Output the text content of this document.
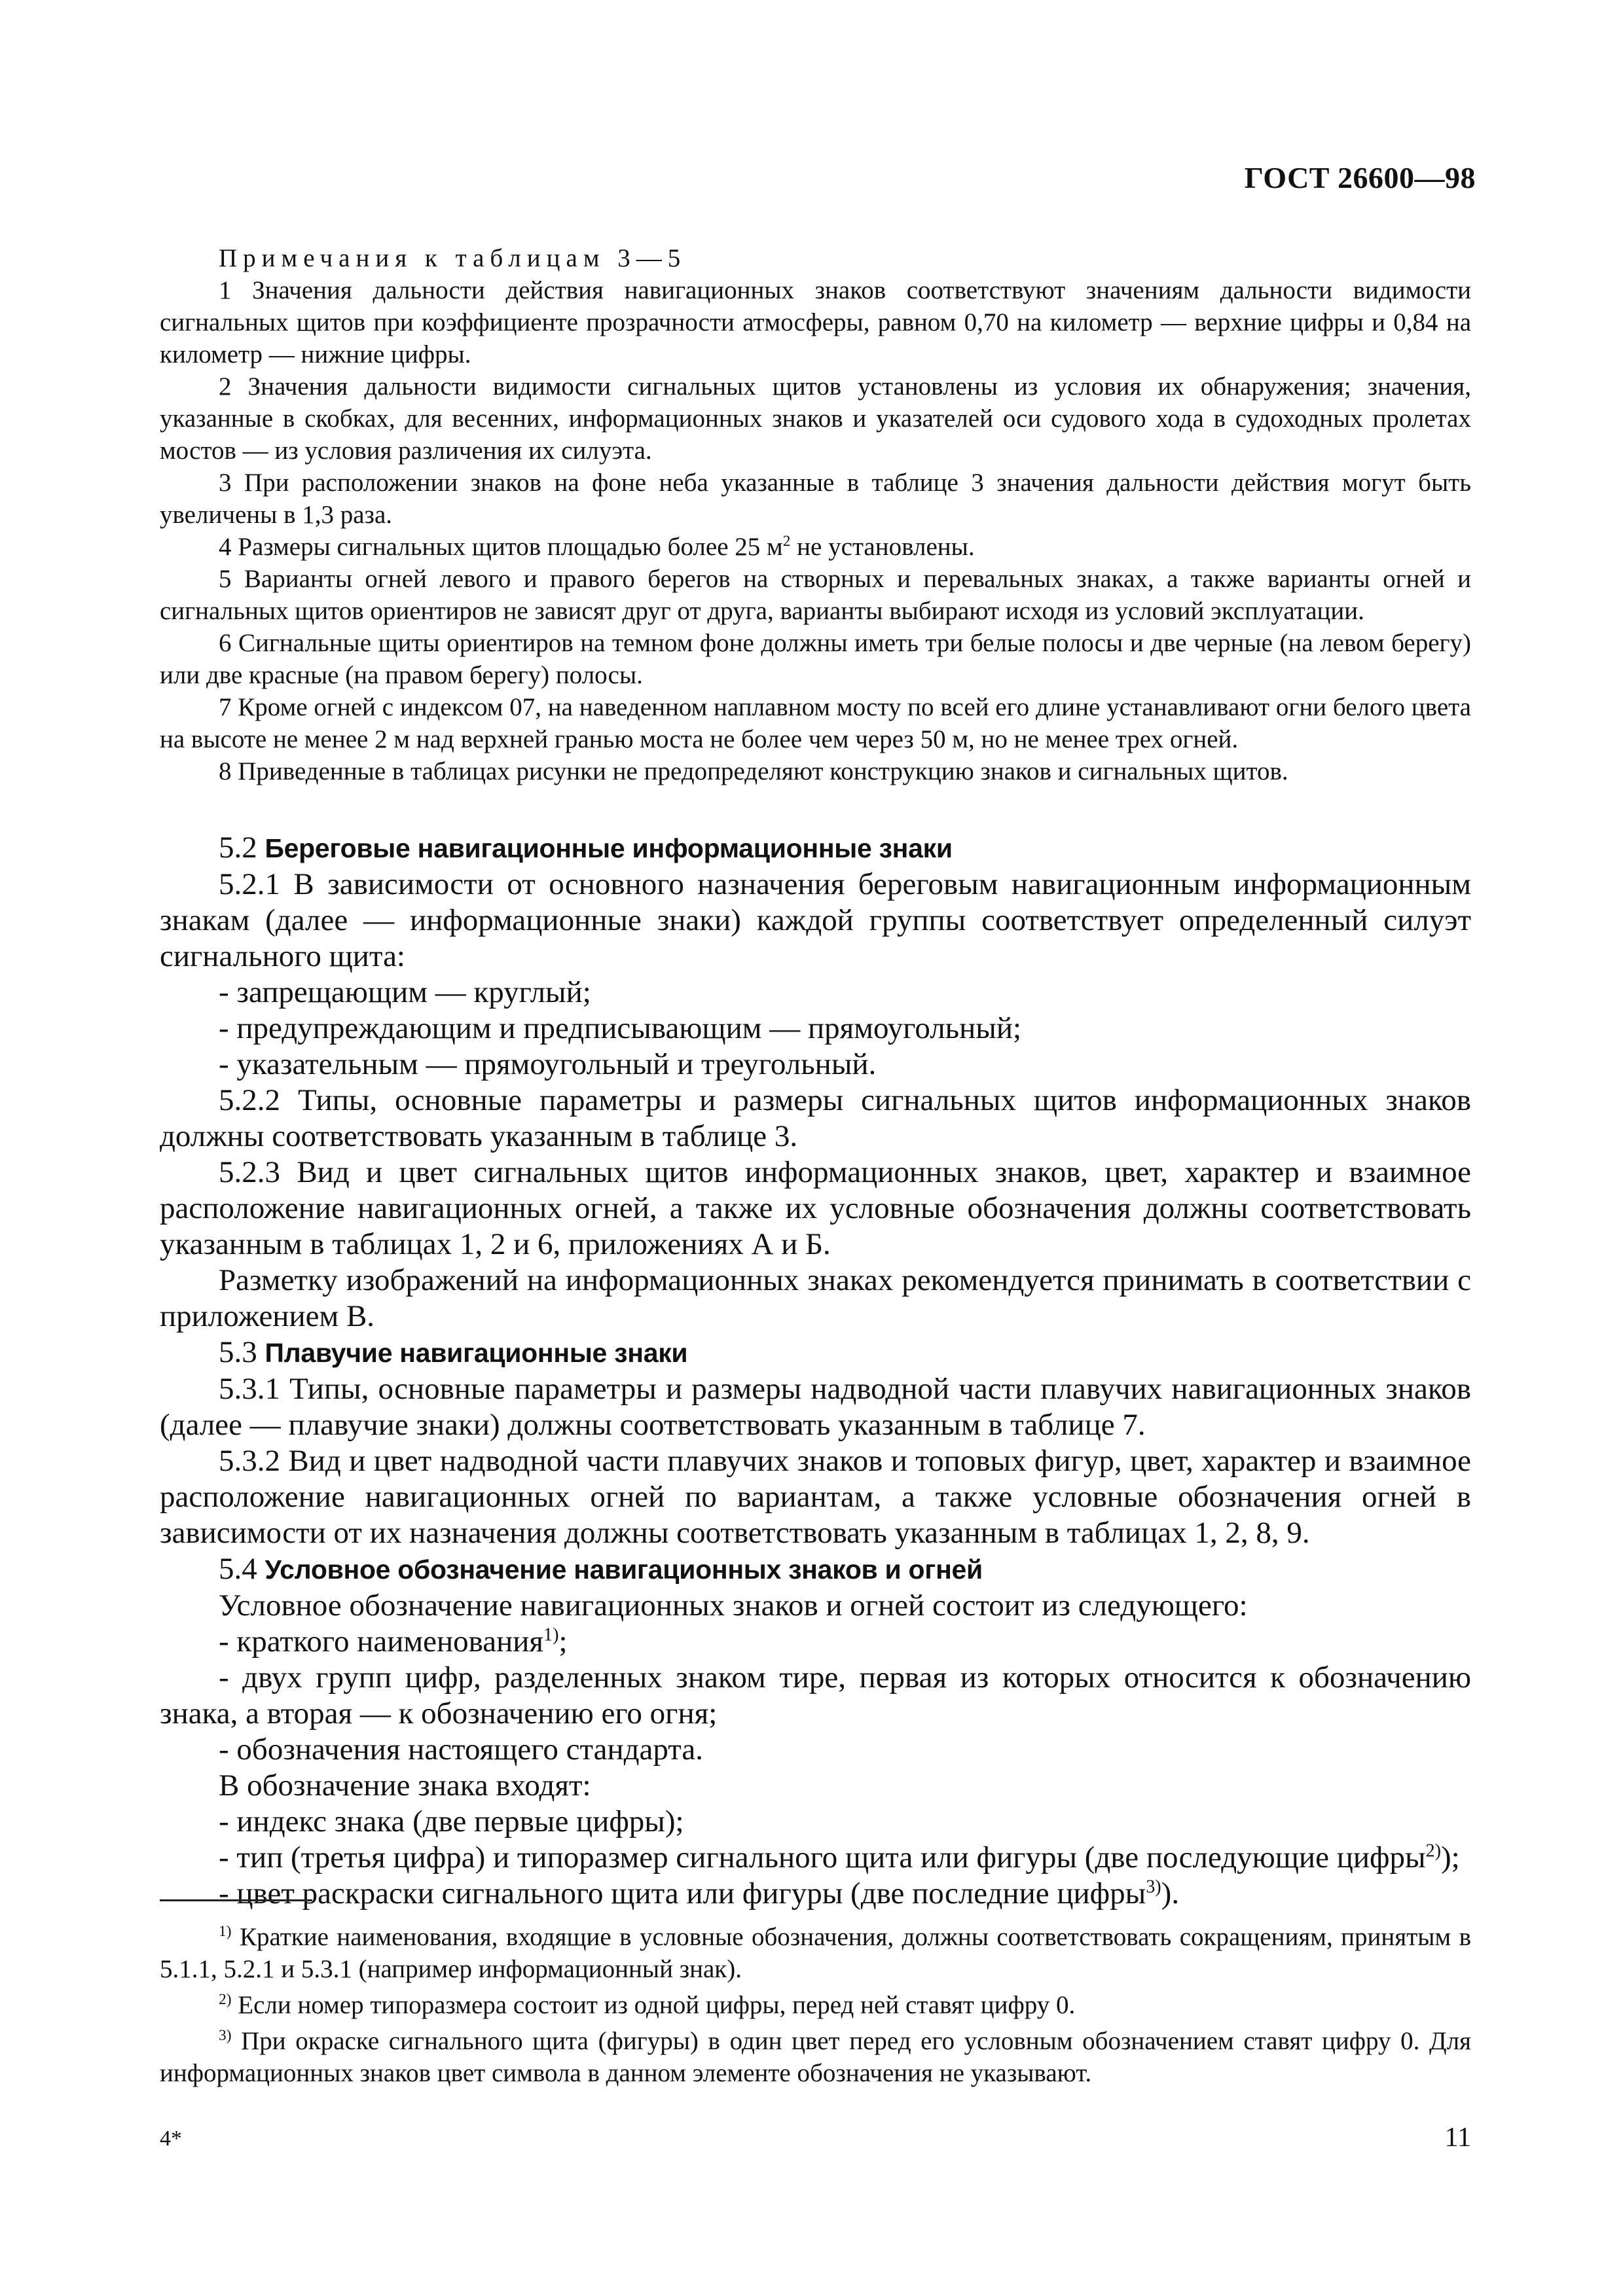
ГОСТ 26600—98

Примечания к таблицам 3—5

1 Значения дальности действия навигационных знаков соответствуют значениям дальности видимости сигнальных щитов при коэффициенте прозрачности атмосферы, равном 0,70 на километр — верхние цифры и 0,84 на километр — нижние цифры.

2 Значения дальности видимости сигнальных щитов установлены из условия их обнаружения; значения, указанные в скобках, для весенних, информационных знаков и указателей оси судового хода в судоходных пролетах мостов — из условия различения их силуэта.

3 При расположении знаков на фоне неба указанные в таблице 3 значения дальности действия могут быть увеличены в 1,3 раза.

4 Размеры сигнальных щитов площадью более 25 $м^2$ не установлены.

5 Варианты огней левого и правого берегов на створных и перевальных знаках, а также варианты огней и сигнальных щитов ориентиров не зависят друг от друга, варианты выбирают исходя из условий эксплуатации.

6 Сигнальные щиты ориентиров на темном фоне должны иметь три белые полосы и две черные (на левом берегу) или две красные (на правом берегу) полосы.

7 Кроме огней с индексом 07, на наведенном наплавном мосту по всей его длине устанавливают огни белого цвета на высоте не менее 2 м над верхней гранью моста не более чем через 50 м, но не менее трех огней.

8 Приведенные в таблицах рисунки не предопределяют конструкцию знаков и сигнальных щитов.

5.2 Береговые навигационные информационные знаки

5.2.1 В зависимости от основного назначения береговым навигационным информационным знакам (далее — информационные знаки) каждой группы соответствует определенный силуэт сигнального щита:

- запрещающим — круглый;

- предупреждающим и предписывающим — прямоугольный;

- указательным — прямоугольный и треугольный.

5.2.2 Типы, основные параметры и размеры сигнальных щитов информационных знаков должны соответствовать указанным в таблице 3.

5.2.3 Вид и цвет сигнальных щитов информационных знаков, цвет, характер и взаимное расположение навигационных огней, а также их условные обозначения должны соответствовать указанным в таблицах 1, 2 и 6, приложениях А и Б.

Разметку изображений на информационных знаках рекомендуется принимать в соответствии с приложением В.

5.3 Плавучие навигационные знаки

5.3.1 Типы, основные параметры и размеры надводной части плавучих навигационных знаков (далее — плавучие знаки) должны соответствовать указанным в таблице 7.

5.3.2 Вид и цвет надводной части плавучих знаков и топовых фигур, цвет, характер и взаимное расположение навигационных огней по вариантам, а также условные обозначения огней в зависимости от их назначения должны соответствовать указанным в таблицах 1, 2, 8, 9.

5.4 Условное обозначение навигационных знаков и огней

Условное обозначение навигационных знаков и огней состоит из следующего:

- краткого наименования$^{1)}$;

- двух групп цифр, разделенных знаком тире, первая из которых относится к обозначению знака, а вторая — к обозначению его огня;

- обозначения настоящего стандарта.

В обозначение знака входят:

- индекс знака (две первые цифры);

- тип (третья цифра) и типоразмер сигнального щита или фигуры (две последующие цифры$^{2)}$);

- цвет раскраски сигнального щита или фигуры (две последние цифры$^{3)}$).

$^{1)}$ Краткие наименования, входящие в условные обозначения, должны соответствовать сокращениям, принятым в 5.1.1, 5.2.1 и 5.3.1 (например информационный знак).

$^{2)}$ Если номер типоразмера состоит из одной цифры, перед ней ставят цифру 0.

$^{3)}$ При окраске сигнального щита (фигуры) в один цвет перед его условным обозначением ставят цифру 0. Для информационных знаков цвет символа в данном элементе обозначения не указывают.

4*	11
